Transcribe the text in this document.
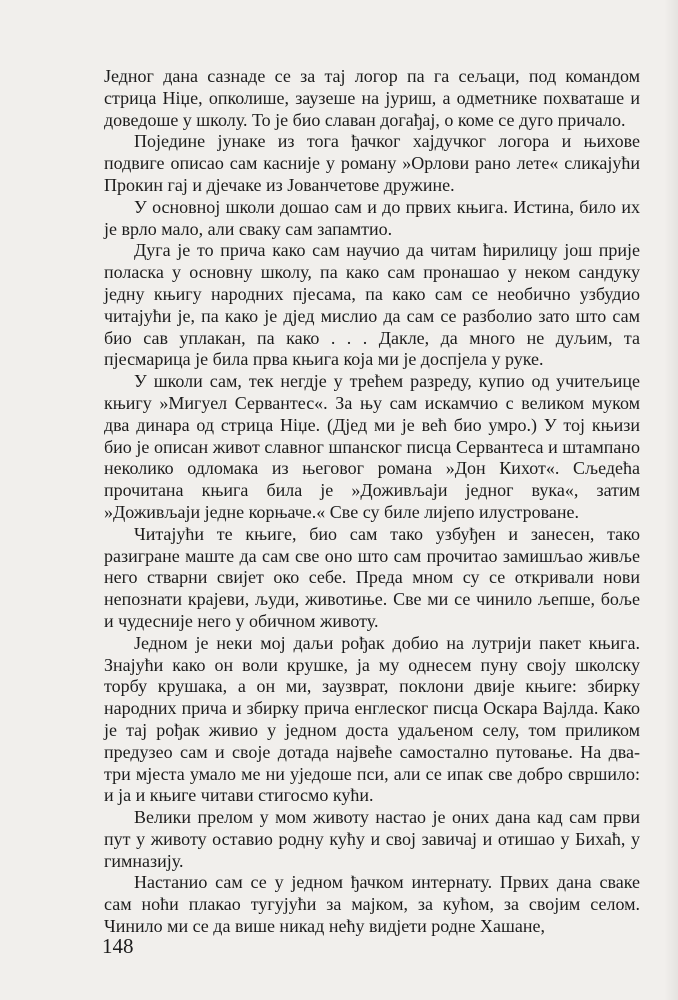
Једног дана сазнаде се за тај логор па га сељаци, под командом стрица Нiџe, опколише, заузеше на јуриш, а одметнике похваташе и доведоше у школу. То је био славан догађај, о коме се дуго причало.

Поједине јунаке из тога ђачког хајдучког логора и њихове подвиге описао сам касније у роману »Орлови рано лете« сликајући Прокин гај и дјечаке из Јованчетове дружине.

У основној школи дошао сам и до првих књига. Истина, било их је врло мало, али сваку сам запамтио.

Дуга је то прича како сам научио да читам ћирилицу још прије поласка у основну школу, па како сам пронашао у неком сандуку једну књигу народних пјесама, па како сам се необично узбудио читајући је, па како је дјед мислио да сам се разболио зато што сам био сав уплакан, па како . . . Дакле, да много не дуљим, та пјесмарица је била прва књига која ми је доспјела у руке.

У школи сам, тек негдје у трећем разреду, купио од учитељице књигу »Мигуел Сервантес«. За њу сам искамчио с великом муком два динара од стрица Нiџe. (Дјед ми је већ био умро.) У тој књизи био је описан живот славног шпанског писца Сервантеса и штампано неколико одломака из његовог романа »Дон Кихот«. Сљедећа прочитана књига била је »Доживљаји једног вука«, затим »Доживљаји једне корњаче.« Све су биле лијепо илустроване.

Читајући те књиге, био сам тако узбуђен и занесен, тако разигране маште да сам све оно што сам прочитао замишљао живље него стварни свијет око себе. Преда мном су се откривали нови непознати крајеви, људи, животиње. Све ми се чинило љепше, боље и чудесније него у обичном животу.

Једном је неки мој даљи рођак добио на лутрији пакет књига. Знајући како он воли крушке, ја му однесем пуну своју школску торбу крушака, а он ми, заузврат, поклони двије књиге: збирку народних прича и збирку прича енглеског писца Оскара Вајлда. Како је тај рођак живио у једном доста удаљеном селу, том приликом предузео сам и своје дотада највеће самостално путовање. На два-три мјеста умало ме ни уједоше пси, али се ипак све добро свршило: и ја и књиге читави стигосмо кући.

Велики прелом у мом животу настао је оних дана кад сам први пут у животу оставио родну кућу и свој завичај и отишао у Бихаћ, у гимназију.

Настанио сам се у једном ђачком интернату. Првих дана сваке сам ноћи плакао тугујући за мајком, за кућом, за својим селом. Чинило ми се да више никад нећу видјети родне Хашане,

148
